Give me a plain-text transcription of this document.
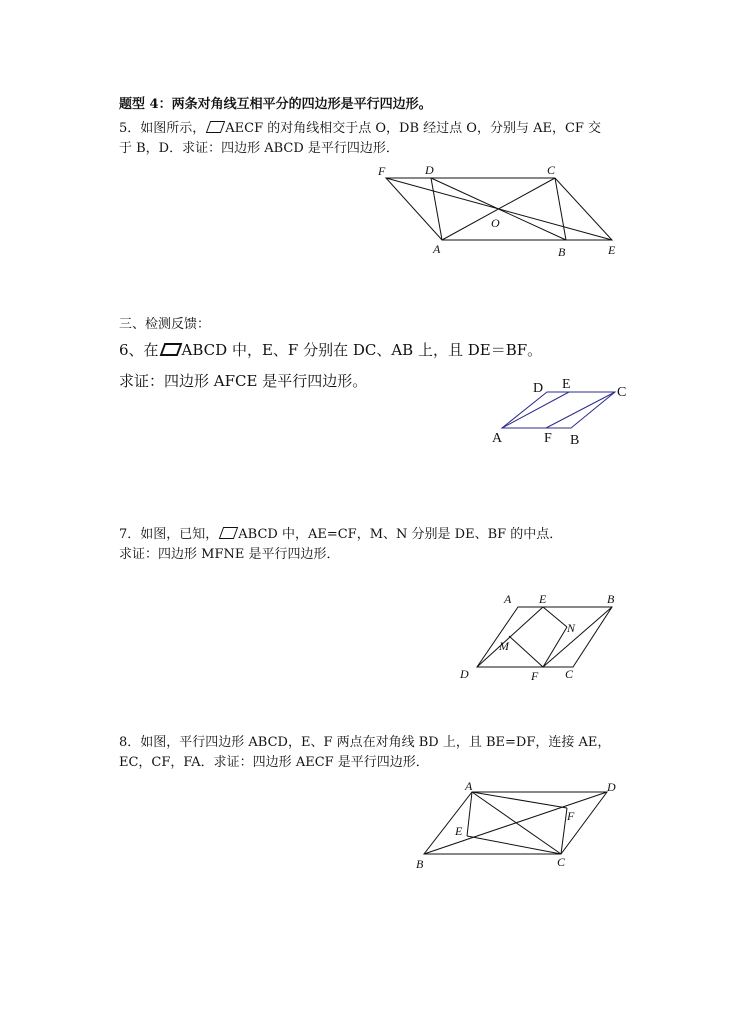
题型 4：两条对角线互相平分的四边形是平行四边形。
5．如图所示， AECF 的对角线相交于点 O，DB 经过点 O，分别与 AE，CF 交
于 B，D．求证：四边形 ABCD 是平行四边形．
F	D	C
O
A	B	E
三、检测反馈：
6、在 ABCD 中，E、F 分别在 DC、AB 上，且 DE＝BF。
求证：四边形 AFCE 是平行四边形。	D E
C
A	F B
7．如图，已知， ABCD 中，AE=CF，M、N 分别是 DE、BF 的中点．
求证：四边形 MFNE 是平行四边形．
A E	B
N
M
D	F C
8．如图，平行四边形 ABCD，E、F 两点在对角线 BD 上，且 BE=DF，连接 AE，
EC，CF，FA．求证：四边形 AECF 是平行四边形．
A	D
F
E
B	C
